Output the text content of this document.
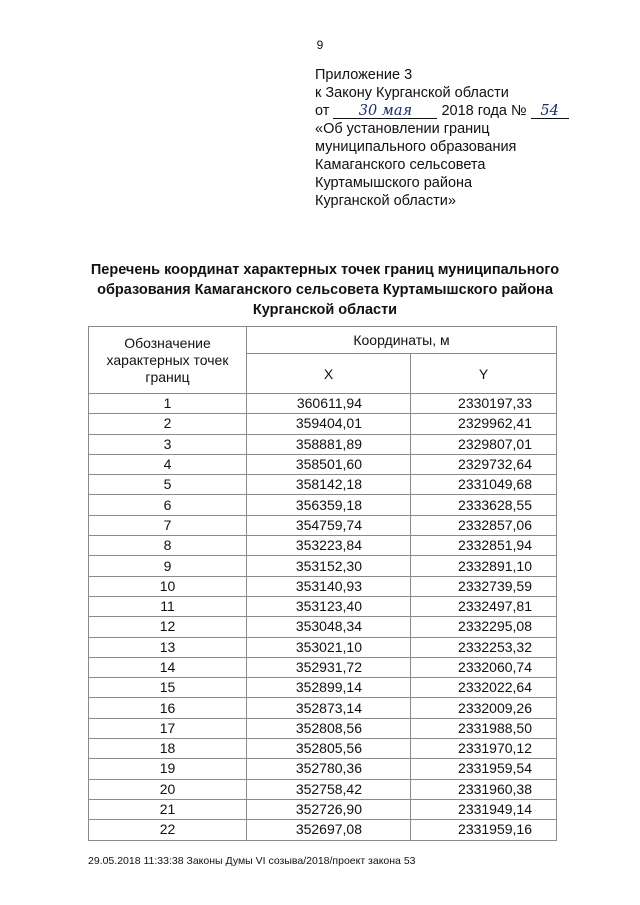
9
Приложение 3
к Закону Курганской области
от 30 мая 2018 года № 54
«Об установлении границ
муниципального образования
Камаганского сельсовета
Куртамышского района
Курганской области»
Перечень координат характерных точек границ муниципального образования Камаганского сельсовета Куртамышского района Курганской области
Обозначение характерных точек границ	Координаты, м	
	X	Y
1	360611,94	2330197,33
2	359404,01	2329962,41
3	358881,89	2329807,01
4	358501,60	2329732,64
5	358142,18	2331049,68
6	356359,18	2333628,55
7	354759,74	2332857,06
8	353223,84	2332851,94
9	353152,30	2332891,10
10	353140,93	2332739,59
11	353123,40	2332497,81
12	353048,34	2332295,08
13	353021,10	2332253,32
14	352931,72	2332060,74
15	352899,14	2332022,64
16	352873,14	2332009,26
17	352808,56	2331988,50
18	352805,56	2331970,12
19	352780,36	2331959,54
20	352758,42	2331960,38
21	352726,90	2331949,14
22	352697,08	2331959,16
29.05.2018 11:33:38 Законы Думы VI созыва/2018/проект закона 53
